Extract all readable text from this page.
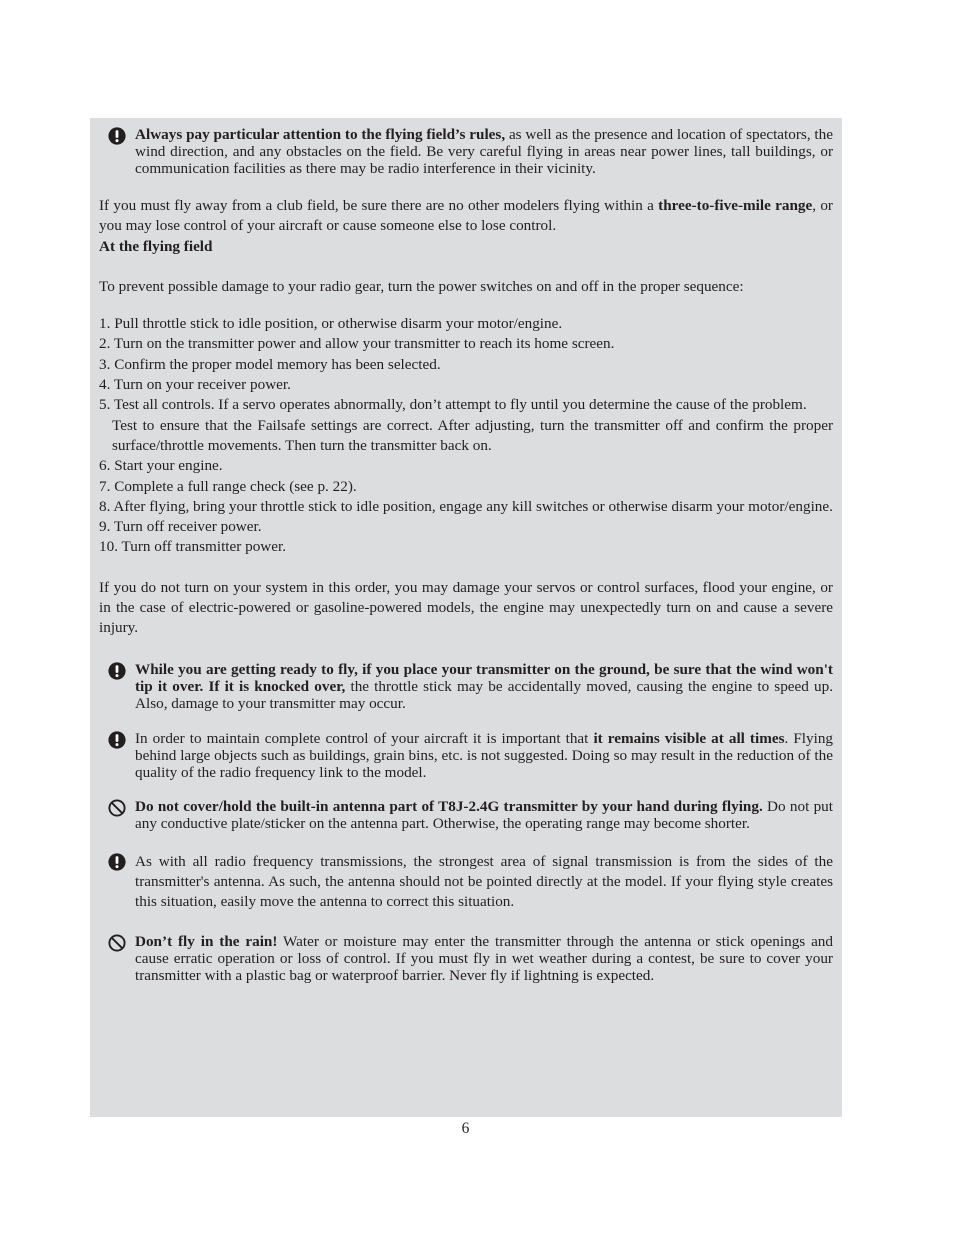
Always pay particular attention to the flying field’s rules, as well as the presence and location of spectators, the wind direction, and any obstacles on the field. Be very careful flying in areas near power lines, tall buildings, or communication facilities as there may be radio interference in their vicinity.
If you must fly away from a club field, be sure there are no other modelers flying within a three-to-five-mile range, or you may lose control of your aircraft or cause someone else to lose control.
At the flying field
To prevent possible damage to your radio gear, turn the power switches on and off in the proper sequence:
1. Pull throttle stick to idle position, or otherwise disarm your motor/engine.
2. Turn on the transmitter power and allow your transmitter to reach its home screen.
3. Confirm the proper model memory has been selected.
4. Turn on your receiver power.
5. Test all controls. If a servo operates abnormally, don’t attempt to fly until you determine the cause of the problem.
Test to ensure that the Failsafe settings are correct. After adjusting, turn the transmitter off and confirm the proper surface/throttle movements. Then turn the transmitter back on.
6. Start your engine.
7. Complete a full range check (see p. 22).
8. After flying, bring your throttle stick to idle position, engage any kill switches or otherwise disarm your motor/engine.
9. Turn off receiver power.
10. Turn off transmitter power.
If you do not turn on your system in this order, you may damage your servos or control surfaces, flood your engine, or in the case of electric-powered or gasoline-powered models, the engine may unexpectedly turn on and cause a severe injury.
While you are getting ready to fly, if you place your transmitter on the ground, be sure that the wind won't tip it over. If it is knocked over, the throttle stick may be accidentally moved, causing the engine to speed up. Also, damage to your transmitter may occur.
In order to maintain complete control of your aircraft it is important that it remains visible at all times. Flying behind large objects such as buildings, grain bins, etc. is not suggested. Doing so may result in the reduction of the quality of the radio frequency link to the model.
Do not cover/hold the built-in antenna part of T8J-2.4G transmitter by your hand during flying. Do not put any conductive plate/sticker on the antenna part. Otherwise, the operating range may become shorter.
As with all radio frequency transmissions, the strongest area of signal transmission is from the sides of the transmitter's antenna. As such, the antenna should not be pointed directly at the model. If your flying style creates this situation, easily move the antenna to correct this situation.
Don’t fly in the rain! Water or moisture may enter the transmitter through the antenna or stick openings and cause erratic operation or loss of control. If you must fly in wet weather during a contest, be sure to cover your transmitter with a plastic bag or waterproof barrier. Never fly if lightning is expected.
6
